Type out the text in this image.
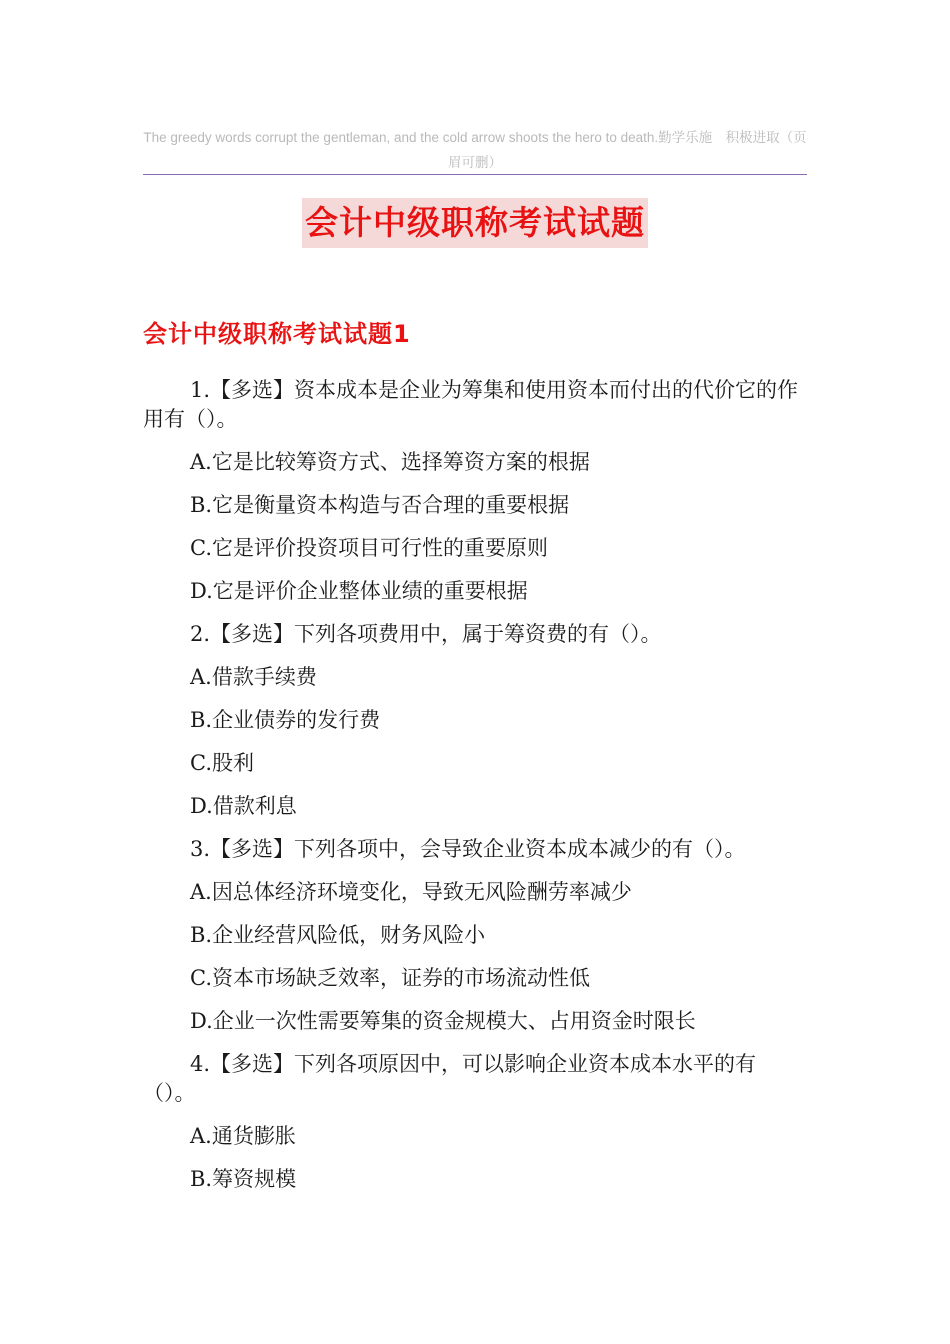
The greedy words corrupt the gentleman, and the cold arrow shoots the hero to death.勤学乐施　积极进取（页
眉可删）
会计中级职称考试试题
会计中级职称考试试题1
1.【多选】资本成本是企业为筹集和使用资本而付出的代价它的作用有（）。
A.它是比较筹资方式、选择筹资方案的根据
B.它是衡量资本构造与否合理的重要根据
C.它是评价投资项目可行性的重要原则
D.它是评价企业整体业绩的重要根据
2.【多选】下列各项费用中，属于筹资费的有（）。
A.借款手续费
B.企业债券的发行费
C.股利
D.借款利息
3.【多选】下列各项中，会导致企业资本成本减少的有（）。
A.因总体经济环境变化，导致无风险酬劳率减少
B.企业经营风险低，财务风险小
C.资本市场缺乏效率，证券的市场流动性低
D.企业一次性需要筹集的资金规模大、占用资金时限长
4.【多选】下列各项原因中，可以影响企业资本成本水平的有（）。
A.通货膨胀
B.筹资规模
